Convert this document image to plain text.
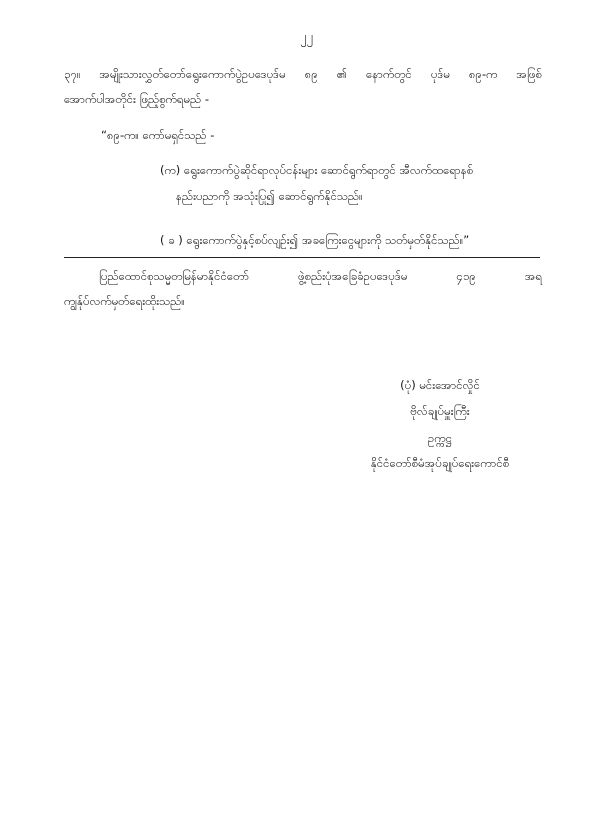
၂၂
၃၇။ အမျိုးသားလွှတ်တော်ရွေးကောက်ပွဲဥပဒေပုဒ်မ ၈၉ ၏ နောက်တွင် ပုဒ်မ ၈၉-က အဖြစ်
အောက်ပါအတိုင်း ဖြည့်စွက်ရမည် -
“၈၉-က။ ကော်မရှင်သည် -
(က) ရွေးကောက်ပွဲဆိုင်ရာလုပ်ငန်းများ ဆောင်ရွက်ရာတွင် အီလက်ထရောနစ်
နည်းပညာကို အသုံးပြု၍ ဆောင်ရွက်နိုင်သည်။
( ခ ) ရွေးကောက်ပွဲနှင့်စပ်လျဉ်း၍ အခကြေးငွေများကို သတ်မှတ်နိုင်သည်။”
ပြည်ထောင်စုသမ္မတမြန်မာနိုင်ငံတော်	ဖွဲ့စည်းပုံအခြေခံဥပဒေပုဒ်မ	၄၁၉	အရ
ကျွန်ုပ်လက်မှတ်ရေးထိုးသည်။
(ပုံ) မင်းအောင်လှိုင်
ဗိုလ်ချုပ်မှူးကြီး
ဥက္ကဋ္ဌ
နိုင်ငံတော်စီမံအုပ်ချုပ်ရေးကောင်စီ
